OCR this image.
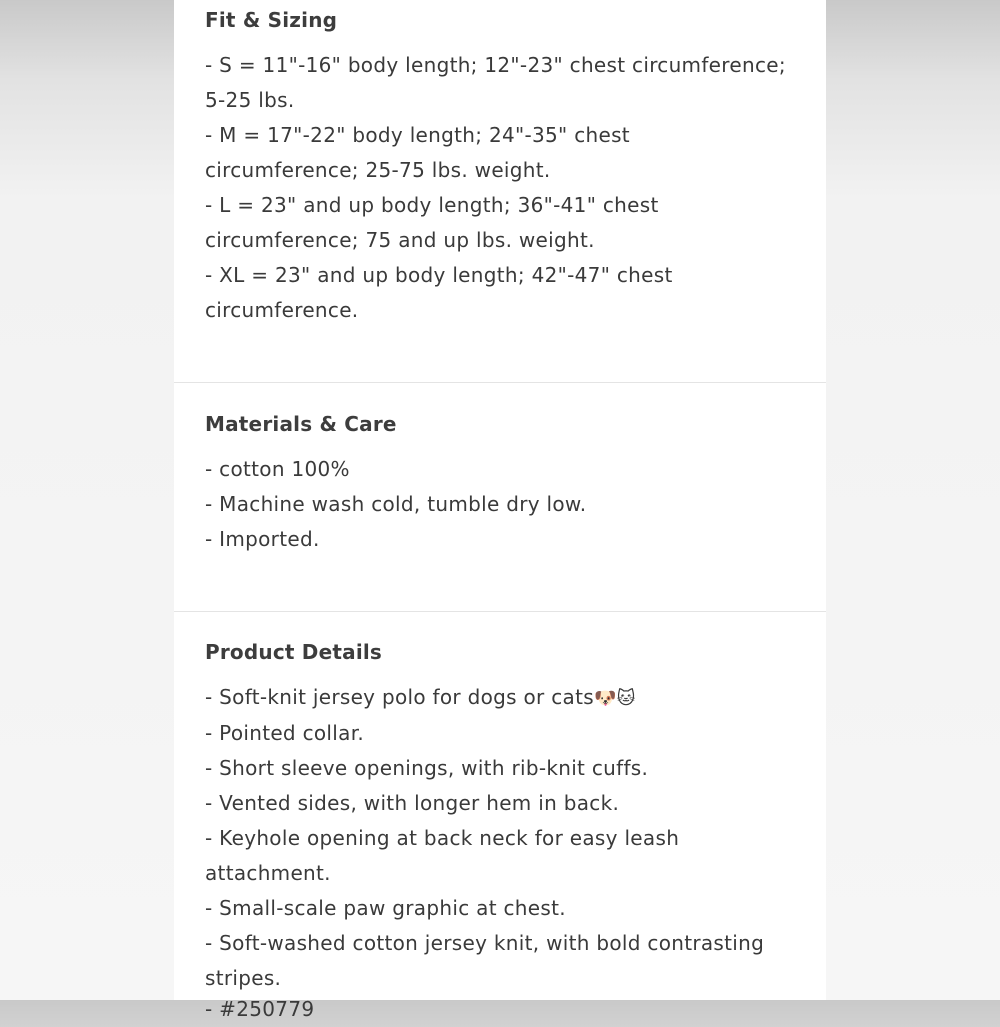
Fit & Sizing
- S = 11"-16" body length; 12"-23" chest circumference;
5-25 lbs.
- M = 17"-22" body length; 24"-35" chest
circumference; 25-75 lbs. weight.
- L = 23" and up body length; 36"-41" chest
circumference; 75 and up lbs. weight.
- XL = 23" and up body length; 42"-47" chest
circumference.
Materials & Care
- cotton 100%
- Machine wash cold, tumble dry low.
- Imported.
Product Details
- Soft-knit jersey polo for dogs or cats🐶🐱
- Pointed collar.
- Short sleeve openings, with rib-knit cuffs.
- Vented sides, with longer hem in back.
- Keyhole opening at back neck for easy leash
attachment.
- Small-scale paw graphic at chest.
- Soft-washed cotton jersey knit, with bold contrasting
stripes.
- #250779
